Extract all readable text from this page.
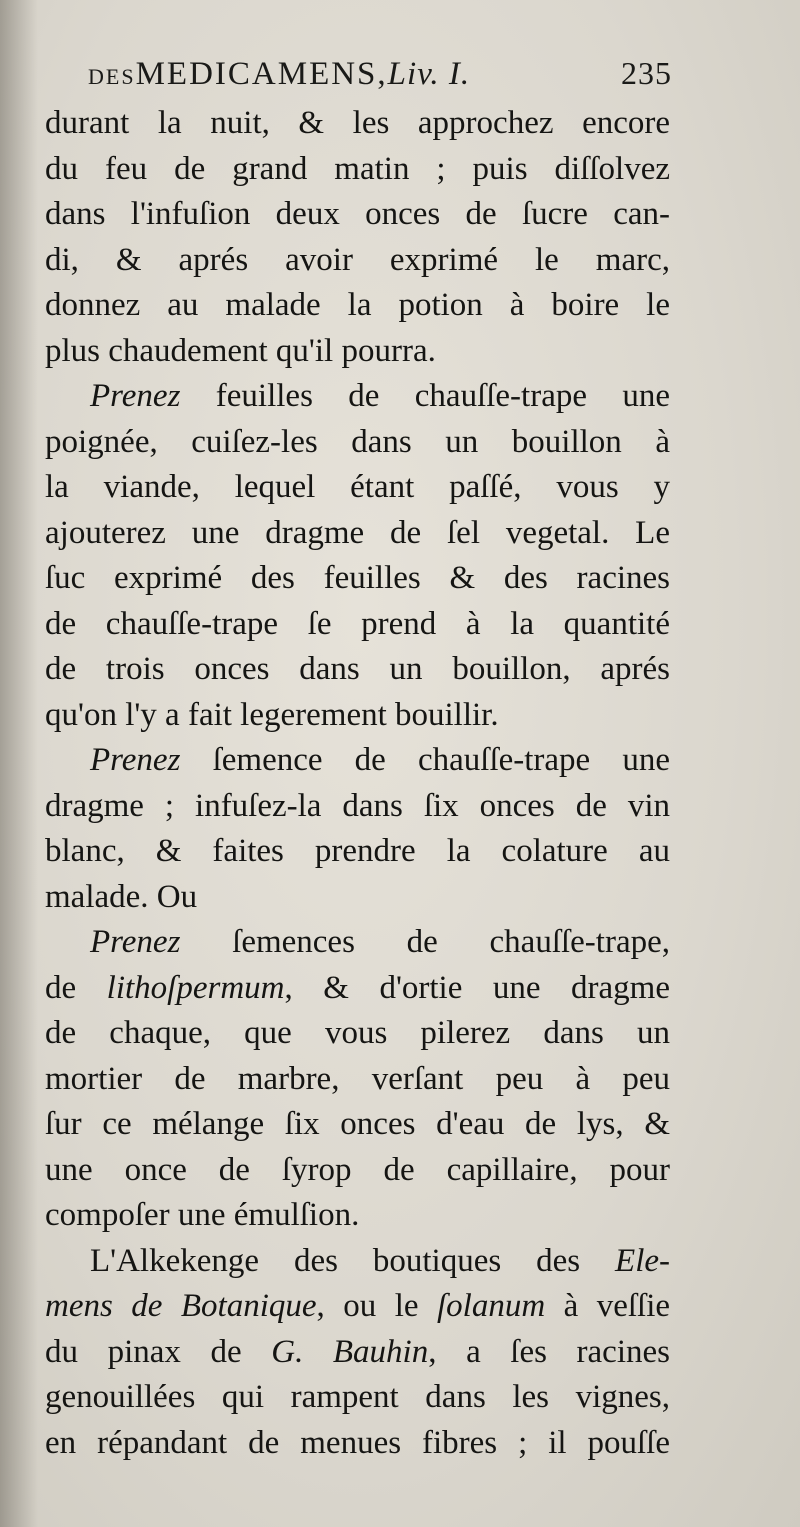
DESMEDICAMENS,Liv. I.	235
durant la nuit, & les approchez encore
du feu de grand matin ; puis diſſolvez
dans l'infuſion deux onces de ſucre can-
di, & aprés avoir exprimé le marc,
donnez au malade la potion à boire le
plus chaudement qu'il pourra.
Prenez feuilles de chauſſe-trape une
poignée, cuiſez-les dans un bouillon à
la viande, lequel étant paſſé, vous y
ajouterez une dragme de ſel vegetal. Le
ſuc exprimé des feuilles & des racines
de chauſſe-trape ſe prend à la quantité
de trois onces dans un bouillon, aprés
qu'on l'y a fait legerement bouillir.
Prenez ſemence de chauſſe-trape une
dragme ; infuſez-la dans ſix onces de vin
blanc, & faites prendre la colature au
malade. Ou
Prenez ſemences de chauſſe-trape,
de lithoſpermum, & d'ortie une dragme
de chaque, que vous pilerez dans un
mortier de marbre, verſant peu à peu
ſur ce mélange ſix onces d'eau de lys, &
une once de ſyrop de capillaire, pour
compoſer une émulſion.
L'Alkekenge des boutiques des Ele-
mens de Botanique, ou le ſolanum à veſſie
du pinax de G. Bauhin, a ſes racines
genouillées qui rampent dans les vignes,
en répandant de menues fibres ; il pouſſe
